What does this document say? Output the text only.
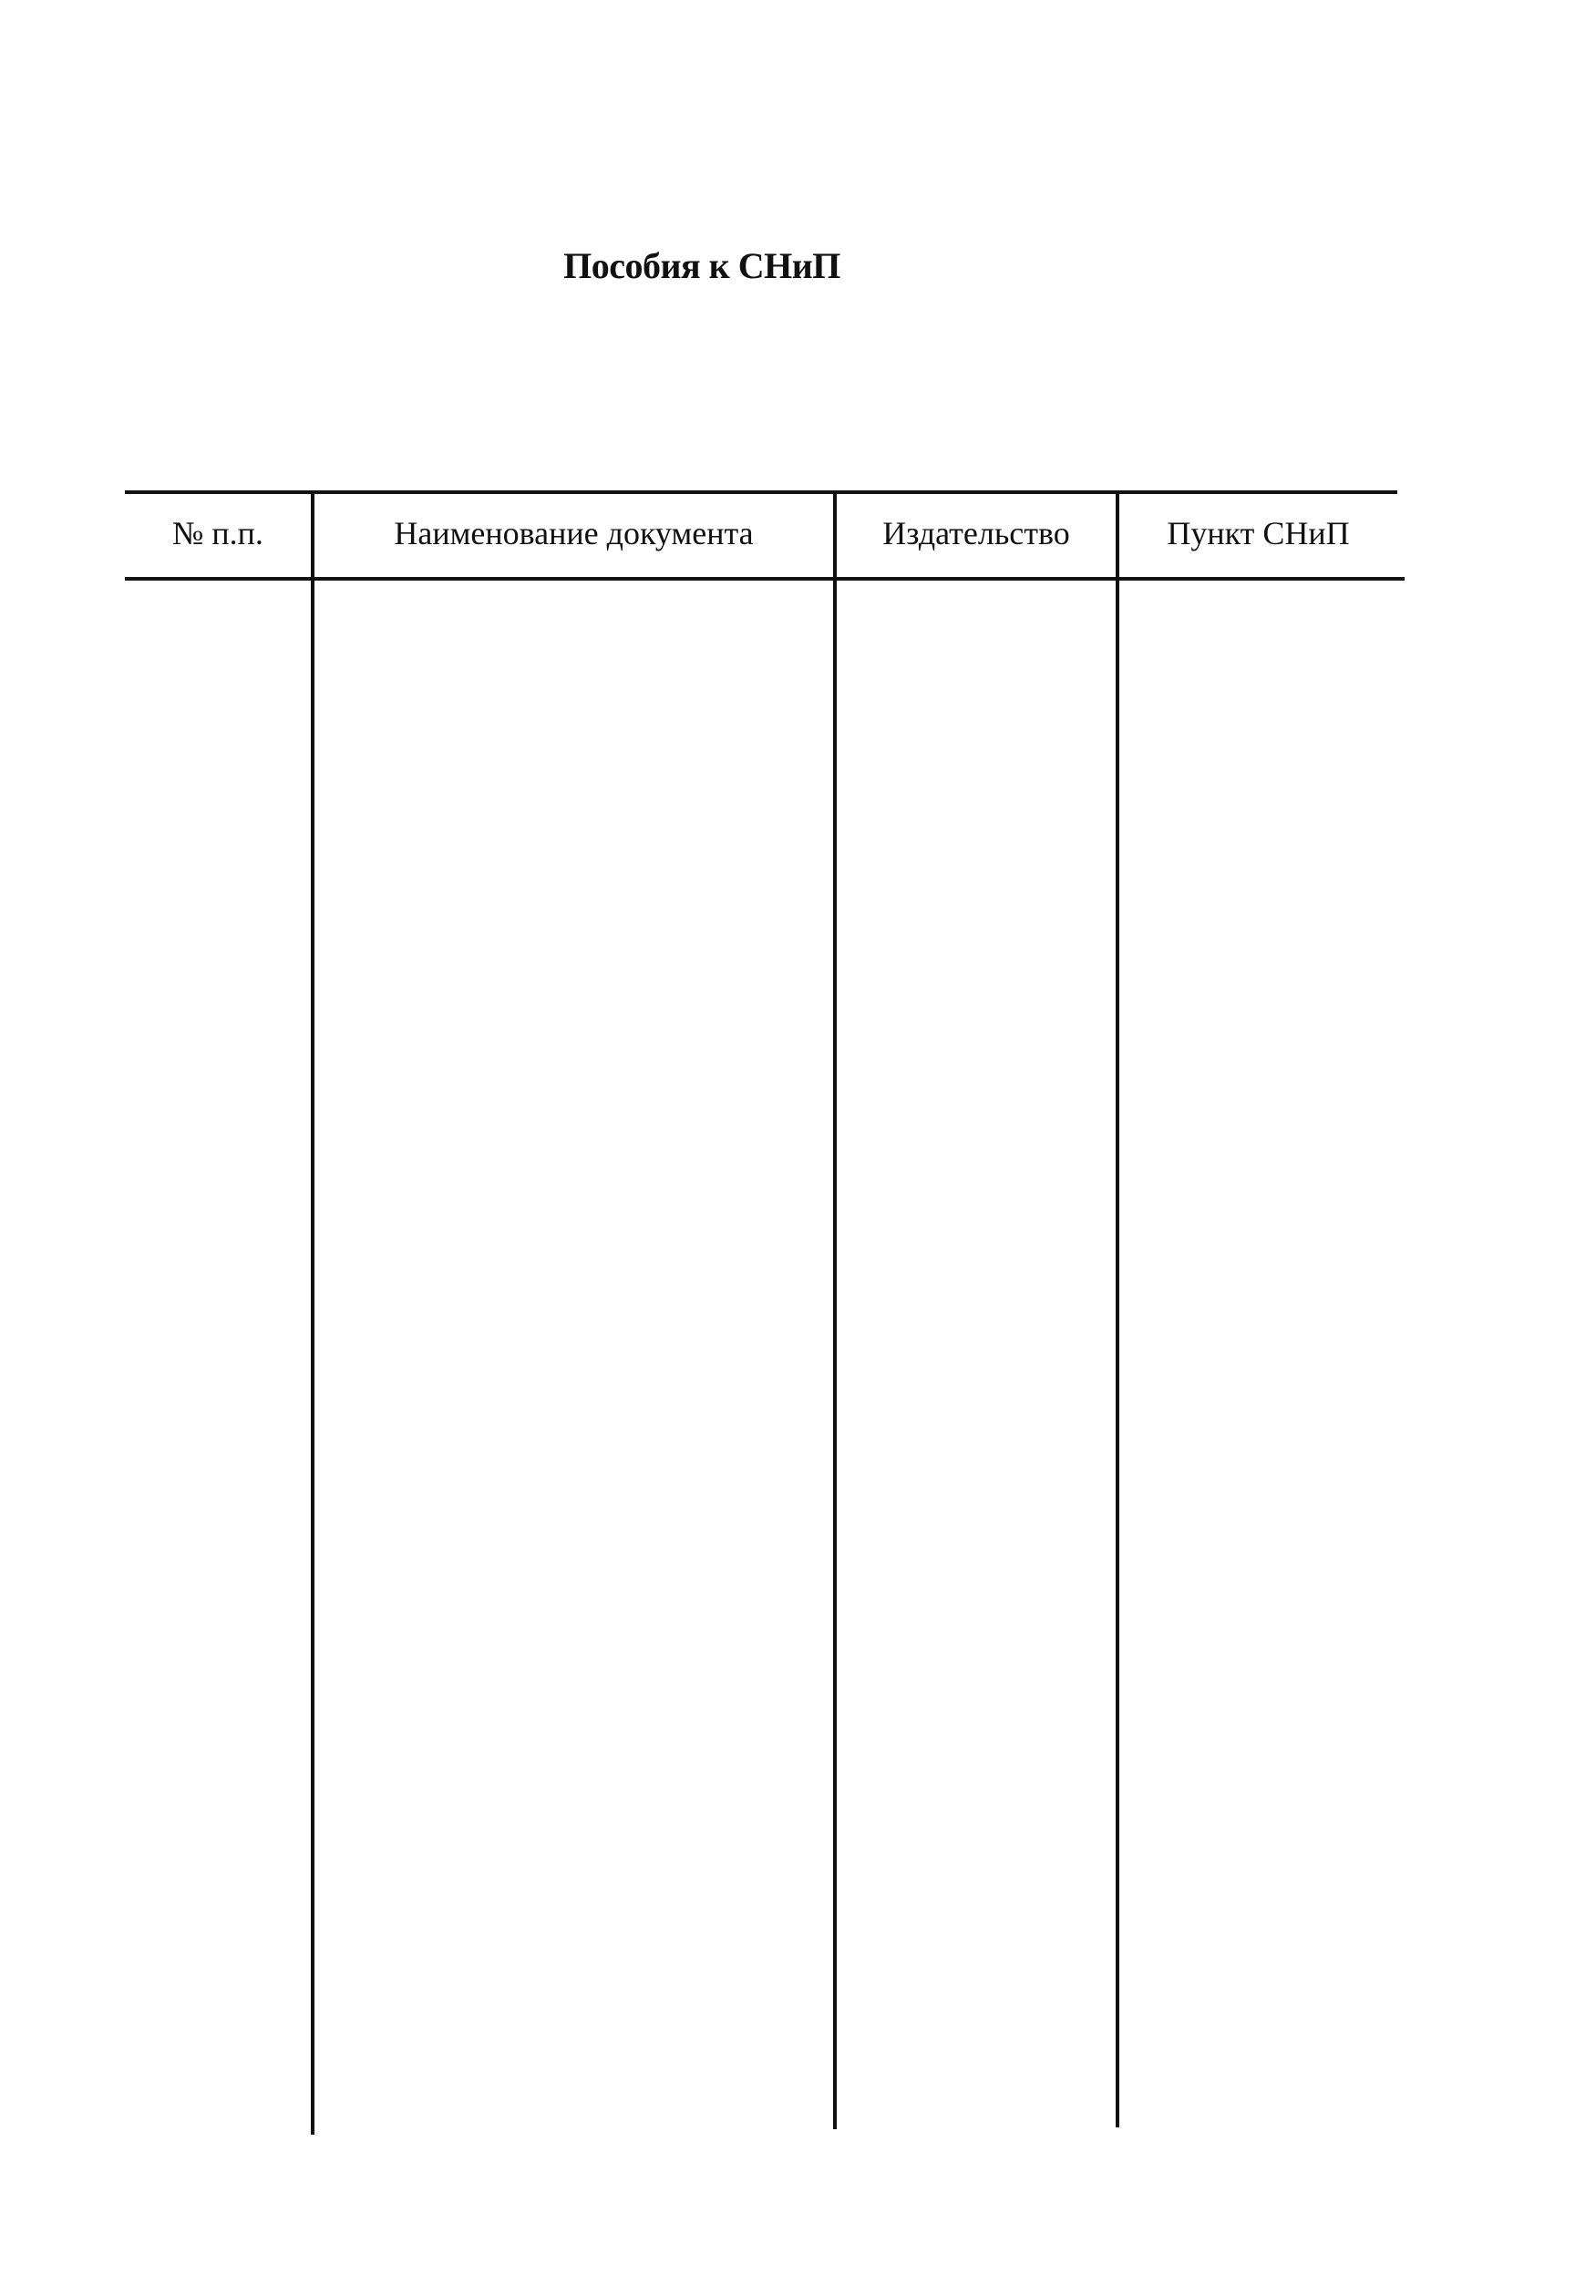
Пособия к СНиП
№ п.п.	Наименование документа	Издательство	Пункт СНиП
